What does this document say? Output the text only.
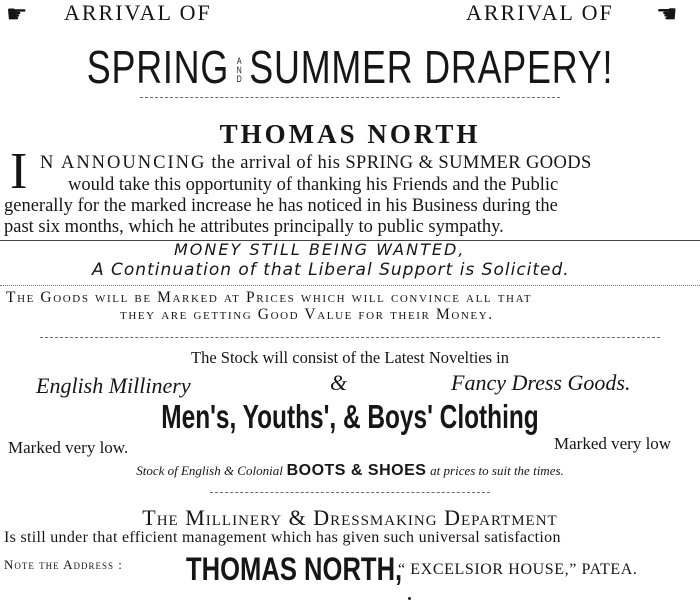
☛ ARRIVAL OF	ARRIVAL OF ☚
SPRING AND SUMMER DRAPERY!
THOMAS NORTH
I N ANNOUNCING the arrival of his SPRING & SUMMER GOODS
would take this opportunity of thanking his Friends and the Public
generally for the marked increase he has noticed in his Business during the
past six months, which he attributes principally to public sympathy.
MONEY STILL BEING WANTED,
A Continuation of that Liberal Support is Solicited.
The Goods will be Marked at Prices which will convince all that
they are getting Good Value for their Money.
The Stock will consist of the Latest Novelties in
English Millinery	&	Fancy Dress Goods.
Men's, Youths', & Boys' Clothing
Marked very low.	Marked very low
Stock of English & Colonial BOOTS & SHOES at prices to suit the times.
The Millinery & Dressmaking Department
Is still under that efficient management which has given such universal satisfaction
Note the Address : THOMAS NORTH,
“ EXCELSIOR HOUSE,” PATEA.
